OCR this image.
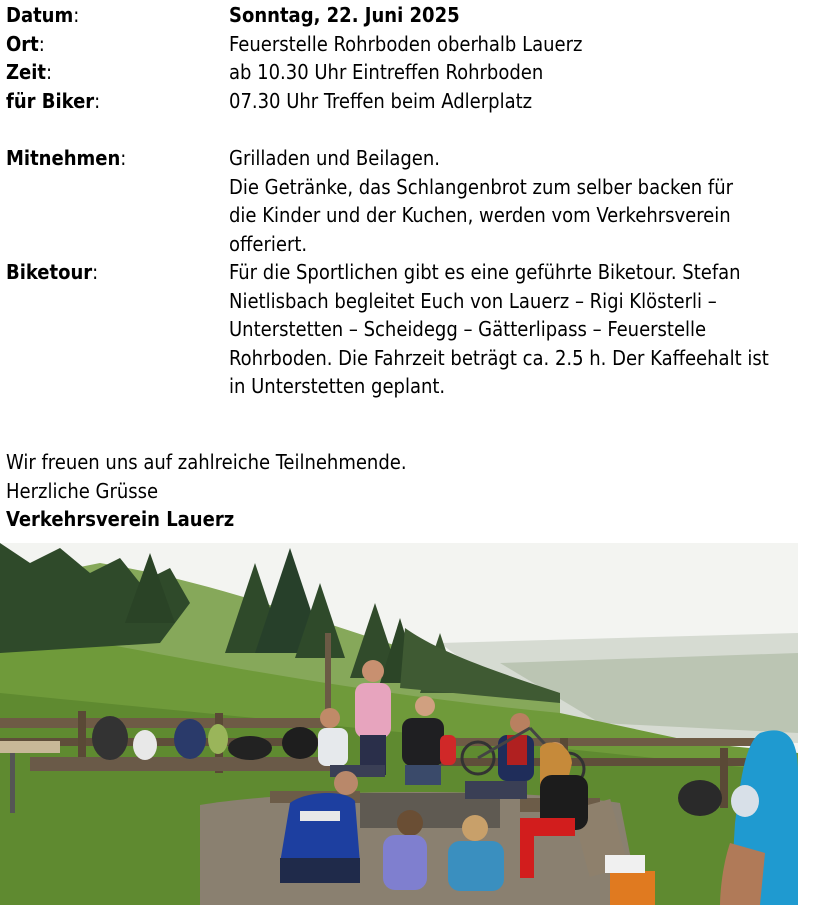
Datum:	Sonntag, 22. Juni 2025
Ort:	Feuerstelle Rohrboden oberhalb Lauerz
Zeit:	ab 10.30 Uhr Eintreffen Rohrboden
für Biker:	07.30 Uhr Treffen beim Adlerplatz
Mitnehmen:	Grilladen und Beilagen.
Die Getränke, das Schlangenbrot zum selber backen für
die Kinder und der Kuchen, werden vom Verkehrsverein
offeriert.
Biketour:	Für die Sportlichen gibt es eine geführte Biketour. Stefan
Nietlisbach begleitet Euch von Lauerz – Rigi Klösterli –
Unterstetten – Scheidegg – Gätterlipass – Feuerstelle
Rohrboden. Die Fahrzeit beträgt ca. 2.5 h. Der Kaffeehalt ist
in Unterstetten geplant.
Wir freuen uns auf zahlreiche Teilnehmende.
Herzliche Grüsse
Verkehrsverein Lauerz
